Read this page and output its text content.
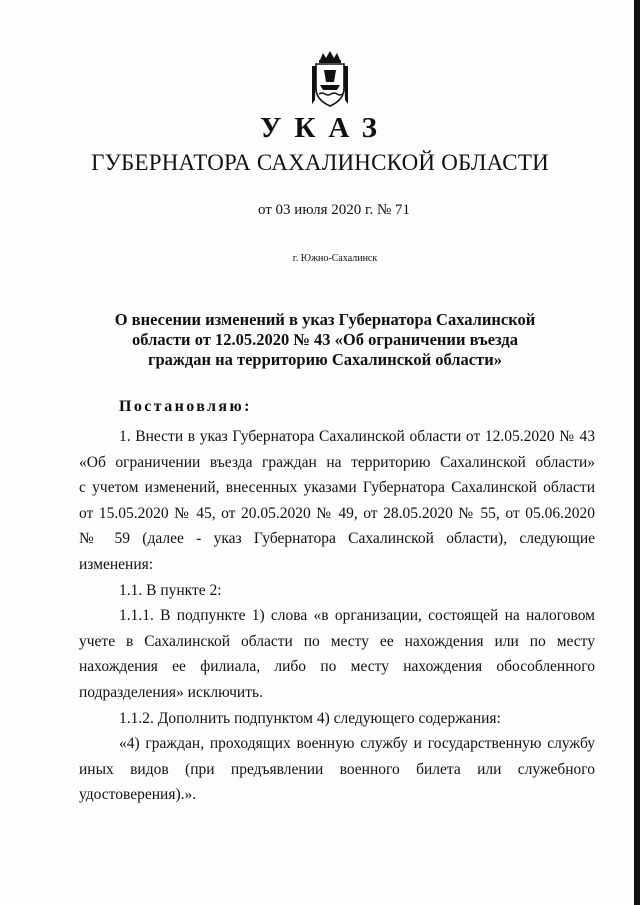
УКАЗ
ГУБЕРНАТОРА САХАЛИНСКОЙ ОБЛАСТИ
от 03 июля 2020 г. № 71
г. Южно-Сахалинск
О внесении изменений в указ Губернатора Сахалинской
области от 12.05.2020 № 43 «Об ограничении въезда
граждан на территорию Сахалинской области»
Постановляю:
1. Внести в указ Губернатора Сахалинской области от 12.05.2020 № 43
«Об ограничении въезда граждан на территорию Сахалинской области»
с учетом изменений, внесенных указами Губернатора Сахалинской области
от 15.05.2020 № 45, от 20.05.2020 № 49, от 28.05.2020 № 55, от 05.06.2020
№ 59 (далее - указ Губернатора Сахалинской области), следующие
изменения:
1.1. В пункте 2:
1.1.1. В подпункте 1) слова «в организации, состоящей на налоговом
учете в Сахалинской области по месту ее нахождения или по месту
нахождения ее филиала, либо по месту нахождения обособленного
подразделения» исключить.
1.1.2. Дополнить подпунктом 4) следующего содержания:
«4) граждан, проходящих военную службу и государственную службу
иных видов (при предъявлении военного билета или служебного
удостоверения).».
